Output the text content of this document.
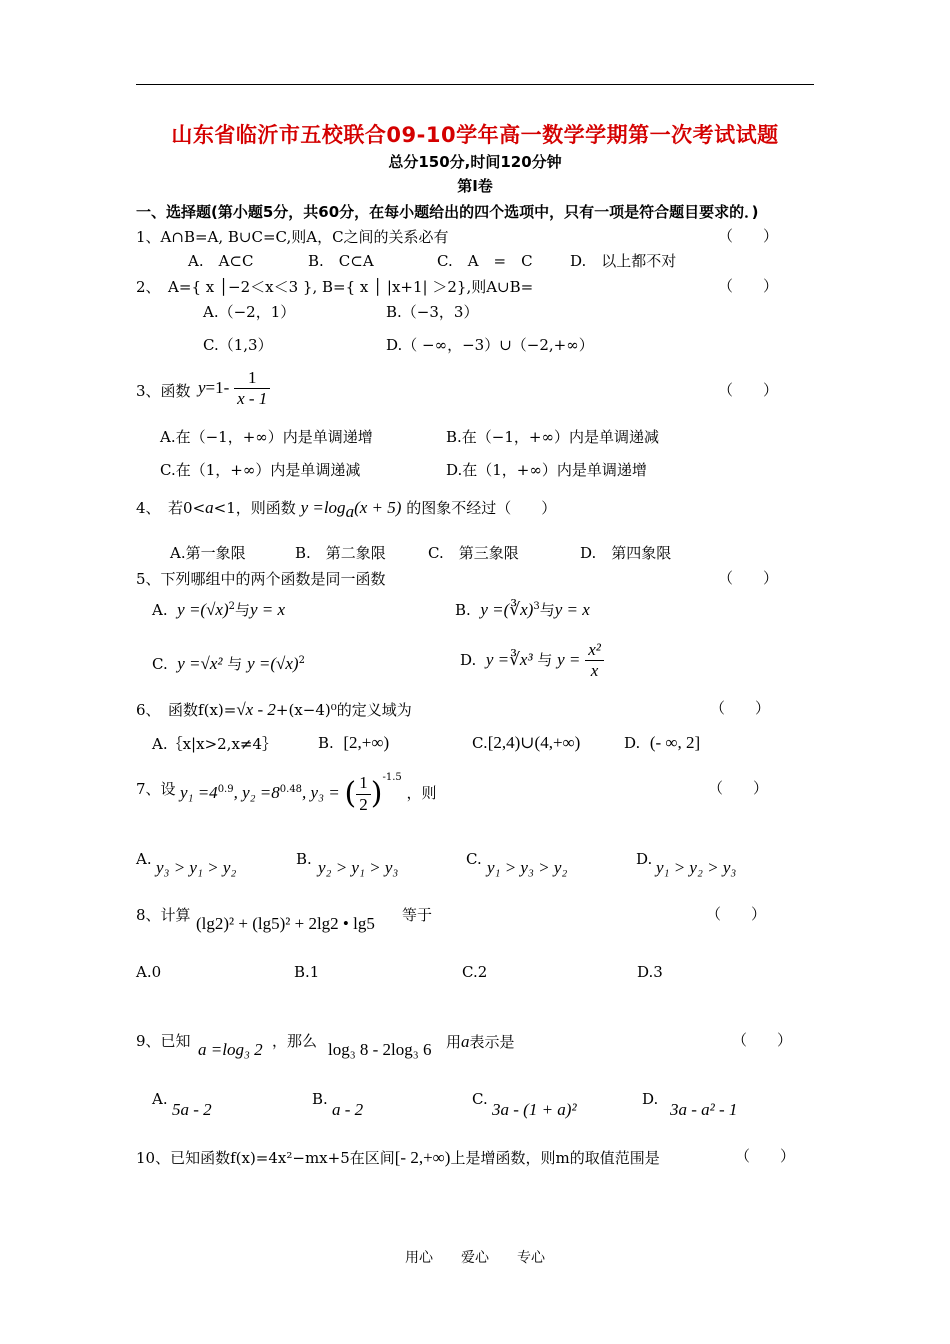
山东省临沂市五校联合09-10学年高一数学学期第一次考试试题
总分150分,时间120分钟
第Ⅰ卷
一、选择题(第小题5分，共60分，在每小题给出的四个选项中，只有一项是符合题目要求的．)
1、A∩B=A, B∪C=C,则A，C之间的关系必有	（　　）
A.　A⊂C	B.　C⊂A	C.　A　=　C D.　以上都不对
2、　A={ x │−2＜x＜3 }, B={ x │ |x+1| ＞2},则A∪B=	（　　）
A.（−2，1）	B.（−3，3）
C.（1,3）	D.（ −∞，−3）∪（−2,+∞）
3、函数 $y=1- \frac{1}{x - 1}$	（　　）
A.在（−1，+∞）内是单调递增	B.在（−1，+∞）内是单调递减
C.在（1，+∞）内是单调递减	D.在（1，+∞）内是单调递增
4、　若0<a<1，则函数 $y =\log_a(x + 5)$ 的图象不经过（　　）
A.第一象限	B.　第二象限	C.　第三象限	D.　第四象限
5、下列哪组中的两个函数是同一函数	（　　）
A. $y =(√x)^2$与y = x	B. y =(∛x)$^3$与y = x
C. y =√x² 与 $y =(√x)^2$	D. y =∛x³ 与 $y = \frac{\text{x²}}{x}$
6、　函数f(x)=√x - 2+(x−4)⁰的定义域为	（　　）
A.｛x|x>2,x≠4｝	B. [2,+∞)	C.[2,4)∪(4,+∞)	D. (- ∞, 2]
7、设 $y_1 =4^{0.9}$, $y_2 =8^{0.48}$, y₃ = ( $\frac{1}{2} )^{-1.5}$ ，则	（　　）
A. y₃ > y₁ > y₂	B. y₂ > y₁ > y₃	C. y₁ > y₃ > y₂	D. y₁ > y₂ > y₃
8、计算 (lg2)² + (lg5)² + 2lg2 • lg5 等于	（　　）
A.0	B.1	C.2	D.3
9、已知 a =log₃ 2 ，那么 log₃ 8 - 2log₃ 6 用a表示是	（　　）
A.
5a - 2
B.
a - 2
C.
3a - (1 + a)²
D.
3a - a² - 1
10、已知函数f(x)=4x²−mx+5在区间[- 2,+∞)上是增函数，则m的取值范围是	（　　）
用心　　爱心　　专心
